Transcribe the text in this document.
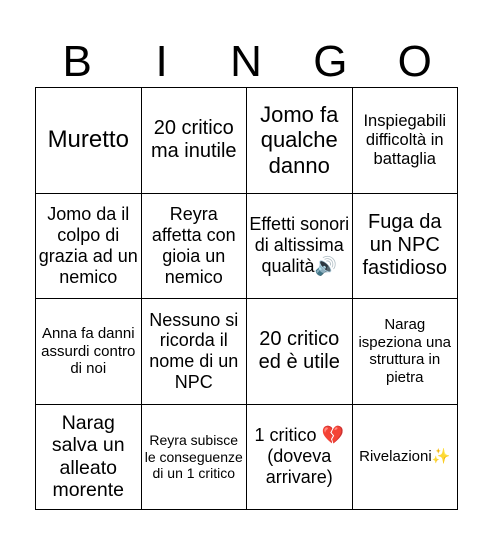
B	I	N	G	O
Muretto	20 critico ma inutile	Jomo fa qualche danno	Inspiegabili difficoltà in battaglia
Jomo da il colpo di grazia ad un nemico	Reyra affetta con gioia un nemico	Effetti sonori di altissima qualità🔊	Fuga da un NPC fastidioso
Anna fa danni assurdi contro di noi	Nessuno si ricorda il nome di un NPC	20 critico ed è utile	Narag ispeziona una struttura in pietra
Narag salva un alleato morente	Reyra subisce le conseguenze di un 1 critico	1 critico 💔 (doveva arrivare)	Rivelazioni✨
